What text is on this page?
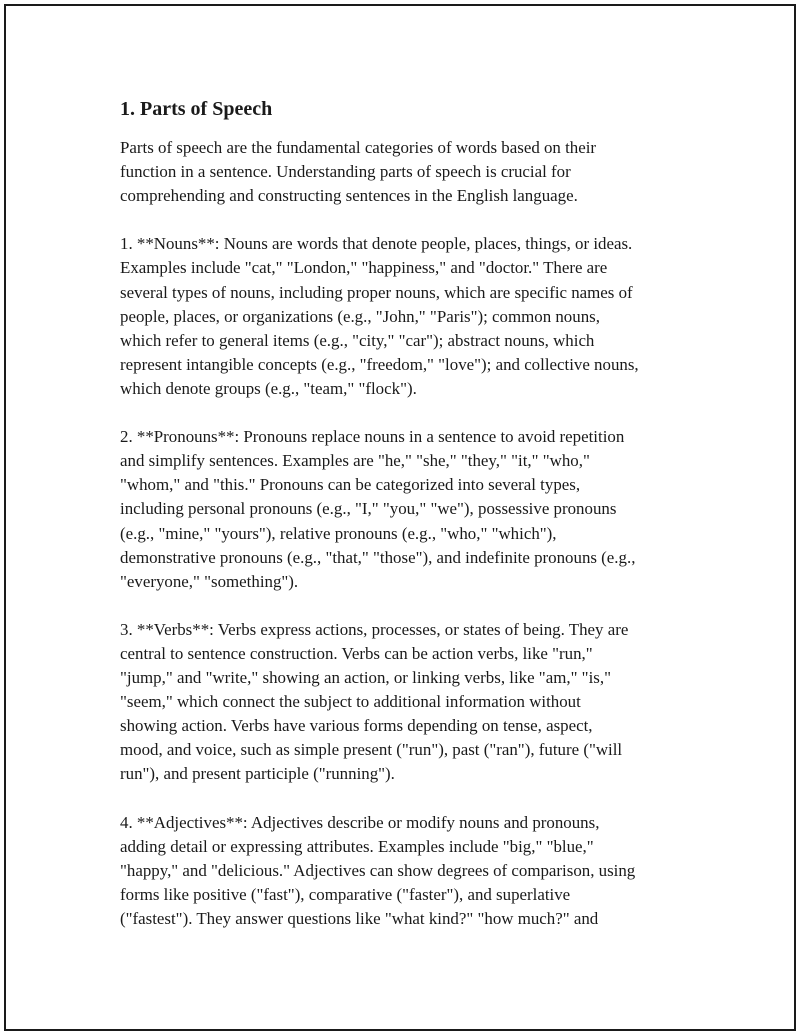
1. Parts of Speech

Parts of speech are the fundamental categories of words based on their
function in a sentence. Understanding parts of speech is crucial for
comprehending and constructing sentences in the English language.

1. **Nouns**: Nouns are words that denote people, places, things, or ideas.
Examples include "cat," "London," "happiness," and "doctor." There are
several types of nouns, including proper nouns, which are specific names of
people, places, or organizations (e.g., "John," "Paris"); common nouns,
which refer to general items (e.g., "city," "car"); abstract nouns, which
represent intangible concepts (e.g., "freedom," "love"); and collective nouns,
which denote groups (e.g., "team," "flock").

2. **Pronouns**: Pronouns replace nouns in a sentence to avoid repetition
and simplify sentences. Examples are "he," "she," "they," "it," "who,"
"whom," and "this." Pronouns can be categorized into several types,
including personal pronouns (e.g., "I," "you," "we"), possessive pronouns
(e.g., "mine," "yours"), relative pronouns (e.g., "who," "which"),
demonstrative pronouns (e.g., "that," "those"), and indefinite pronouns (e.g.,
"everyone," "something").

3. **Verbs**: Verbs express actions, processes, or states of being. They are
central to sentence construction. Verbs can be action verbs, like "run,"
"jump," and "write," showing an action, or linking verbs, like "am," "is,"
"seem," which connect the subject to additional information without
showing action. Verbs have various forms depending on tense, aspect,
mood, and voice, such as simple present ("run"), past ("ran"), future ("will
run"), and present participle ("running").

4. **Adjectives**: Adjectives describe or modify nouns and pronouns,
adding detail or expressing attributes. Examples include "big," "blue,"
"happy," and "delicious." Adjectives can show degrees of comparison, using
forms like positive ("fast"), comparative ("faster"), and superlative
("fastest"). They answer questions like "what kind?" "how much?" and
